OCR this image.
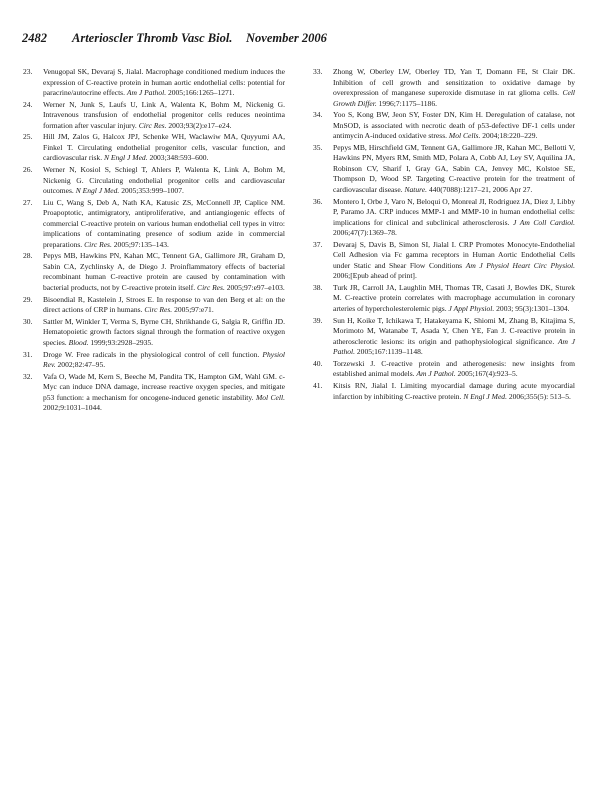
2482 Arterioscler Thromb Vasc Biol. November 2006
23.	Venugopal SK, Devaraj S, Jialal. Macrophage conditioned medium induces the expression of C-reactive protein in human aortic endothelial cells: potential for paracrine/autocrine effects. Am J Pathol. 2005;166:1265–1271.
24.	Werner N, Junk S, Laufs U, Link A, Walenta K, Bohm M, Nickenig G. Intravenous transfusion of endothelial progenitor cells reduces neointima formation after vascular injury. Circ Res. 2003;93(2):e17–e24.
25.	Hill JM, Zalos G, Halcox JPJ, Schenke WH, Waclawiw MA, Quyyumi AA, Finkel T. Circulating endothelial progenitor cells, vascular function, and cardiovascular risk. N Engl J Med. 2003;348:593–600.
26.	Werner N, Kosiol S, Schiegl T, Ahlers P, Walenta K, Link A, Bohm M, Nickenig G. Circulating endothelial progenitor cells and cardiovascular outcomes. N Engl J Med. 2005;353:999–1007.
27.	Liu C, Wang S, Deb A, Nath KA, Katusic ZS, McConnell JP, Caplice NM. Proapoptotic, antimigratory, antiproliferative, and antiangiogenic effects of commercial C-reactive protein on various human endothelial cell types in vitro: implications of contaminating presence of sodium azide in commercial preparations. Circ Res. 2005;97:135–143.
28.	Pepys MB, Hawkins PN, Kahan MC, Tennent GA, Gallimore JR, Graham D, Sabin CA, Zychlinsky A, de Diego J. Proinflammatory effects of bacterial recombinant human C-reactive protein are caused by contamination with bacterial products, not by C-reactive protein itself. Circ Res. 2005;97:e97–e103.
29.	Bisoendial R, Kastelein J, Stroes E. In response to van den Berg et al: on the direct actions of CRP in humans. Circ Res. 2005;97:e71.
30.	Sattler M, Winkler T, Verma S, Byrne CH, Shrikhande G, Salgia R, Griffin JD. Hematopoietic growth factors signal through the formation of reactive oxygen species. Blood. 1999;93:2928–2935.
31.	Droge W. Free radicals in the physiological control of cell function. Physiol Rev. 2002;82:47–95.
32.	Vafa O, Wade M, Kern S, Beeche M, Pandita TK, Hampton GM, Wahl GM. c-Myc can induce DNA damage, increase reactive oxygen species, and mitigate p53 function: a mechanism for oncogene-induced genetic instability. Mol Cell. 2002;9:1031–1044.
33.	Zhong W, Oberley LW, Oberley TD, Yan T, Domann FE, St Clair DK. Inhibition of cell growth and sensitization to oxidative damage by overexpression of manganese superoxide dismutase in rat glioma cells. Cell Growth Differ. 1996;7:1175–1186.
34.	Yoo S, Kong BW, Jeon SY, Foster DN, Kim H. Deregulation of catalase, not MnSOD, is associated with necrotic death of p53-defective DF-1 cells under antimycin A-induced oxidative stress. Mol Cells. 2004;18:220–229.
35.	Pepys MB, Hirschfield GM, Tennent GA, Gallimore JR, Kahan MC, Bellotti V, Hawkins PN, Myers RM, Smith MD, Polara A, Cobb AJ, Ley SV, Aquilina JA, Robinson CV, Sharif I, Gray GA, Sabin CA, Jenvey MC, Kolstoe SE, Thompson D, Wood SP. Targeting C-reactive protein for the treatment of cardiovascular disease. Nature. 440(7088):1217–21, 2006 Apr 27.
36.	Montero I, Orbe J, Varo N, Beloqui O, Monreal JI, Rodriguez JA, Diez J, Libby P, Paramo JA. CRP induces MMP-1 and MMP-10 in human endothelial cells: implications for clinical and subclinical atherosclerosis. J Am Coll Cardiol. 2006;47(7):1369–78.
37.	Devaraj S, Davis B, Simon SI, Jialal I. CRP Promotes Monocyte-Endothelial Cell Adhesion via Fc gamma receptors in Human Aortic Endothelial Cells under Static and Shear Flow Conditions Am J Physiol Heart Circ Physiol. 2006;[Epub ahead of print].
38.	Turk JR, Carroll JA, Laughlin MH, Thomas TR, Casati J, Bowles DK, Sturek M. C-reactive protein correlates with macrophage accumulation in coronary arteries of hypercholesterolemic pigs. J Appl Physiol. 2003; 95(3):1301–1304.
39.	Sun H, Koike T, Ichikawa T, Hatakeyama K, Shiomi M, Zhang B, Kitajima S, Morimoto M, Watanabe T, Asada Y, Chen YE, Fan J. C-reactive protein in atherosclerotic lesions: its origin and pathophysiological significance. Am J Pathol. 2005;167:1139–1148.
40.	Torzewski J. C-reactive protein and atherogenesis: new insights from established animal models. Am J Pathol. 2005;167(4):923–5.
41.	Kitsis RN, Jialal I. Limiting myocardial damage during acute myocardial infarction by inhibiting C-reactive protein. N Engl J Med. 2006;355(5): 513–5.
